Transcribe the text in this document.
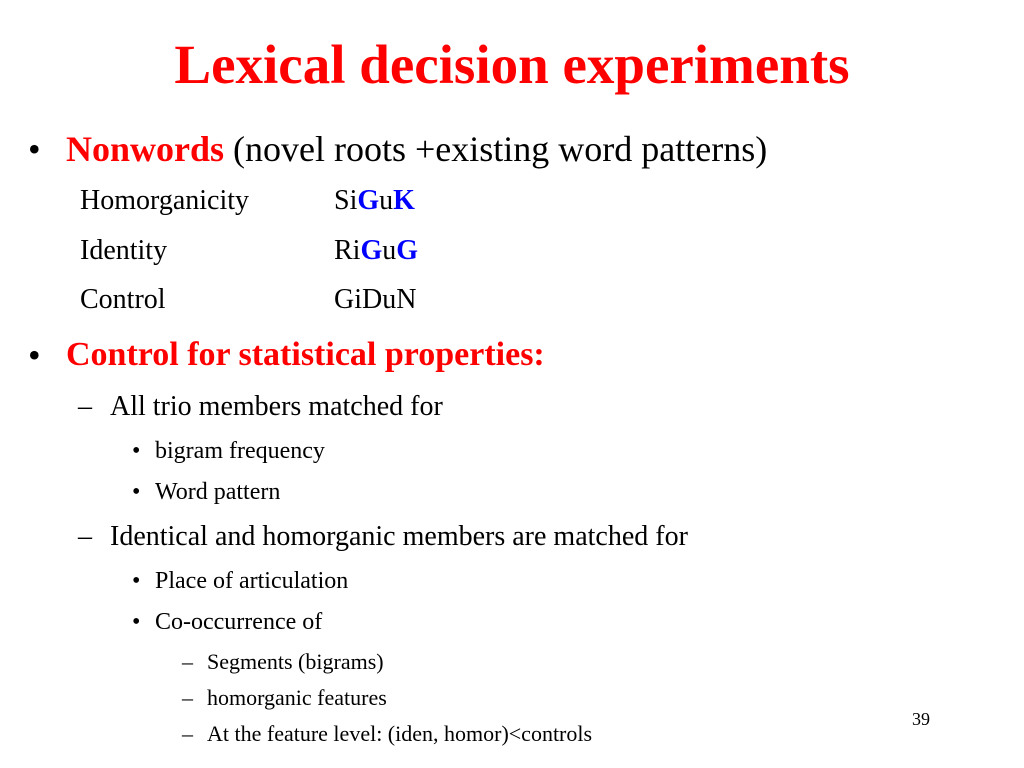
Lexical decision experiments
• Nonwords (novel roots +existing word patterns)
Homorganicity	SiGuK
Identity	RiGuG
Control	GiDuN
• Control for statistical properties:
– All trio members matched for
• bigram frequency
• Word pattern
– Identical and homorganic members are matched for
• Place of articulation
• Co-occurrence of
– Segments (bigrams)
– homorganic features
– At the feature level: (iden, homor)<controls
39
